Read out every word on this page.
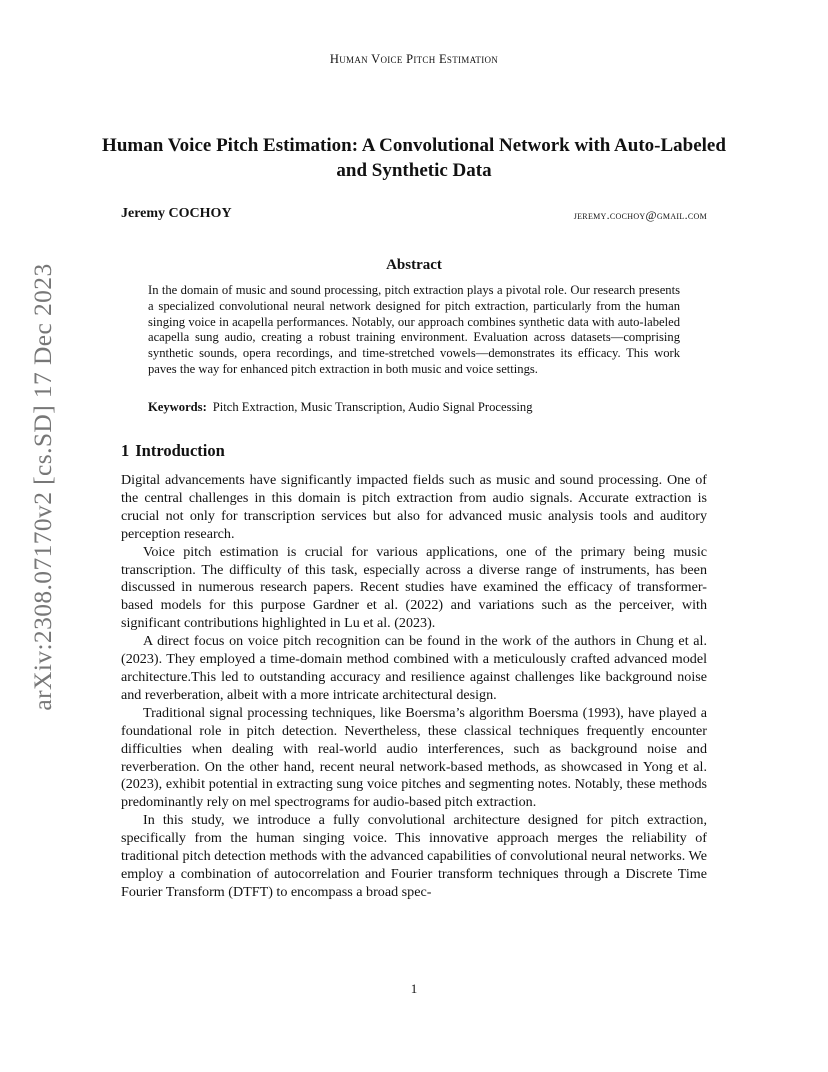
Human Voice Pitch Estimation
arXiv:2308.07170v2 [cs.SD] 17 Dec 2023
Human Voice Pitch Estimation: A Convolutional Network with Auto-Labeled and Synthetic Data
Jeremy COCHOY	jeremy.cochoy@gmail.com
Abstract
In the domain of music and sound processing, pitch extraction plays a pivotal role. Our research presents a specialized convolutional neural network designed for pitch extraction, particularly from the human singing voice in acapella performances. Notably, our approach combines synthetic data with auto-labeled acapella sung audio, creating a robust training environment. Evaluation across datasets—comprising synthetic sounds, opera recordings, and time-stretched vowels—demonstrates its efficacy. This work paves the way for enhanced pitch extraction in both music and voice settings.
Keywords: Pitch Extraction, Music Transcription, Audio Signal Processing
1 Introduction

Digital advancements have significantly impacted fields such as music and sound processing. One of the central challenges in this domain is pitch extraction from audio signals. Accurate extraction is crucial not only for transcription services but also for advanced music analysis tools and auditory perception research.

Voice pitch estimation is crucial for various applications, one of the primary being music transcription. The difficulty of this task, especially across a diverse range of instruments, has been discussed in numerous research papers. Recent studies have examined the efficacy of transformer-based models for this purpose Gardner et al. (2022) and variations such as the perceiver, with significant contributions highlighted in Lu et al. (2023).

A direct focus on voice pitch recognition can be found in the work of the authors in Chung et al. (2023). They employed a time-domain method combined with a meticulously crafted advanced model architecture.This led to outstanding accuracy and resilience against challenges like background noise and reverberation, albeit with a more intricate architectural design.

Traditional signal processing techniques, like Boersma’s algorithm Boersma (1993), have played a foundational role in pitch detection. Nevertheless, these classical techniques frequently encounter difficulties when dealing with real-world audio interferences, such as background noise and reverberation. On the other hand, recent neural network-based methods, as showcased in Yong et al. (2023), exhibit potential in extracting sung voice pitches and segmenting notes. Notably, these methods predominantly rely on mel spectrograms for audio-based pitch extraction.

In this study, we introduce a fully convolutional architecture designed for pitch extraction, specifically from the human singing voice. This innovative approach merges the reliability of traditional pitch detection methods with the advanced capabilities of convolutional neural networks. We employ a combination of autocorrelation and Fourier transform techniques through a Discrete Time Fourier Transform (DTFT) to encompass a broad spec-

1
